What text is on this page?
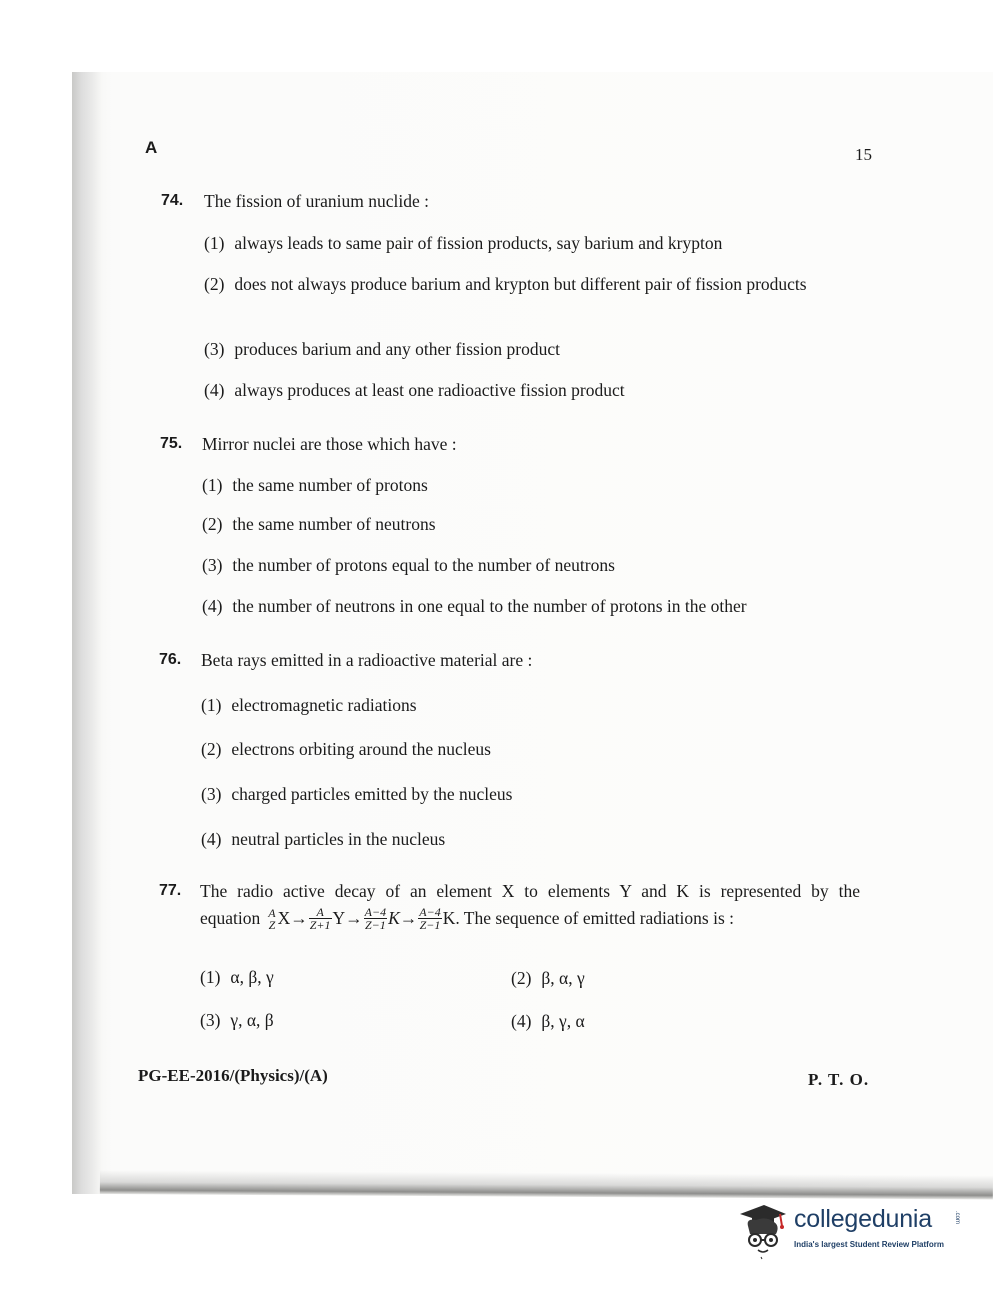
A	15
74. The fission of uranium nuclide :
(1) always leads to same pair of fission products, say barium and krypton
(2) does not always produce barium and krypton but different pair of fission products
(3) produces barium and any other fission product
(4) always produces at least one radioactive fission product
75. Mirror nuclei are those which have :
(1) the same number of protons
(2) the same number of neutrons
(3) the number of protons equal to the number of neutrons
(4) the number of neutrons in one equal to the number of protons in the other
76. Beta rays emitted in a radioactive material are :
(1) electromagnetic radiations
(2) electrons orbiting around the nucleus
(3) charged particles emitted by the nucleus
(4) neutral particles in the nucleus
77. The radio active decay of an element X to elements Y and K is represented by the
equation A
Z $X \to \frac{A}{Z+1}$ $Y \to \frac{A-4}{Z-1}$ $K \to \frac{A-4}{Z-1}$ K . The sequence of emitted radiations is :
(1) α, β, γ	(2) β, α, γ
(3) γ, α, β	(4) β, γ, α
PG-EE-2016/(Physics)/(A)	P. T. O.
collegedunia	.com
India's largest Student Review Platform
